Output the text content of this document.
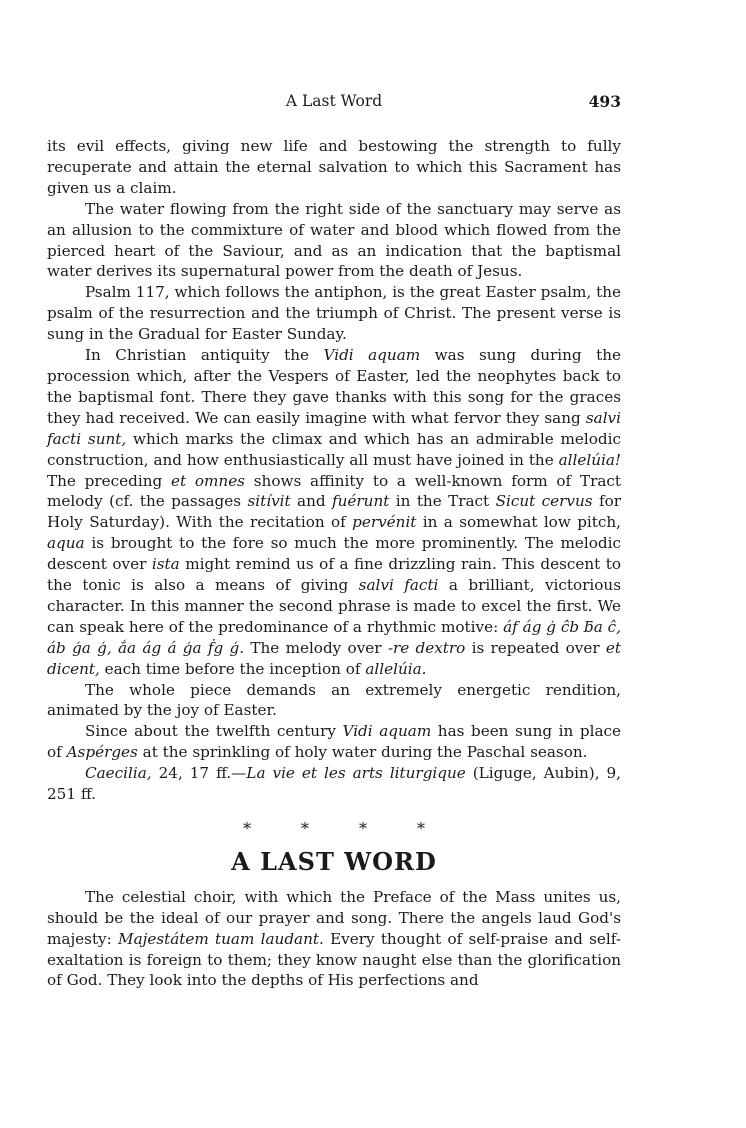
A Last Word	493

its evil effects, giving new life and bestowing the strength to fully recuperate and attain the eternal salvation to which this Sacrament has given us a claim.

The water flowing from the right side of the sanctuary may serve as an allusion to the commixture of water and blood which flowed from the pierced heart of the Saviour, and as an indication that the baptismal water derives its supernatural power from the death of Jesus.

Psalm 117, which follows the antiphon, is the great Easter psalm, the psalm of the resurrection and the triumph of Christ. The present verse is sung in the Gradual for Easter Sunday.

In Christian antiquity the Vidi aquam was sung during the procession which, after the Vespers of Easter, led the neophytes back to the baptismal font. There they gave thanks with this song for the graces they had received. We can easily imagine with what fervor they sang salvi facti sunt, which marks the climax and which has an admirable melodic construction, and how enthusiastically all must have joined in the allelúia! The preceding et omnes shows affinity to a well-known form of Tract melody (cf. the passages sitívit and fuérunt in the Tract Sicut cervus for Holy Saturday). With the recitation of pervénit in a somewhat low pitch, aqua is brought to the fore so much the more prominently. The melodic descent over ista might remind us of a fine drizzling rain. This descent to the tonic is also a means of giving salvi facti a brilliant, victorious character. In this manner the second phrase is made to excel the first. We can speak here of the predominance of a rhythmic motive: áf ág ģ ĉb ƃa ĉ, áb ģa ģ, ắa ág á ģa ḟg ģ. The melody over -re dextro is repeated over et dicent, each time before the inception of allelúia.

The whole piece demands an extremely energetic rendition, animated by the joy of Easter.

Since about the twelfth century Vidi aquam has been sung in place of Aspérges at the sprinkling of holy water during the Paschal season.

Caecilia, 24, 17 ff.—La vie et les arts liturgique (Liguge, Aubin), 9, 251 ff.

*	*	*	*
A LAST WORD

The celestial choir, with which the Preface of the Mass unites us, should be the ideal of our prayer and song. There the angels laud God's majesty: Majestátem tuam laudant. Every thought of self-praise and self-exaltation is foreign to them; they know naught else than the glorification of God. They look into the depths of His perfections and
